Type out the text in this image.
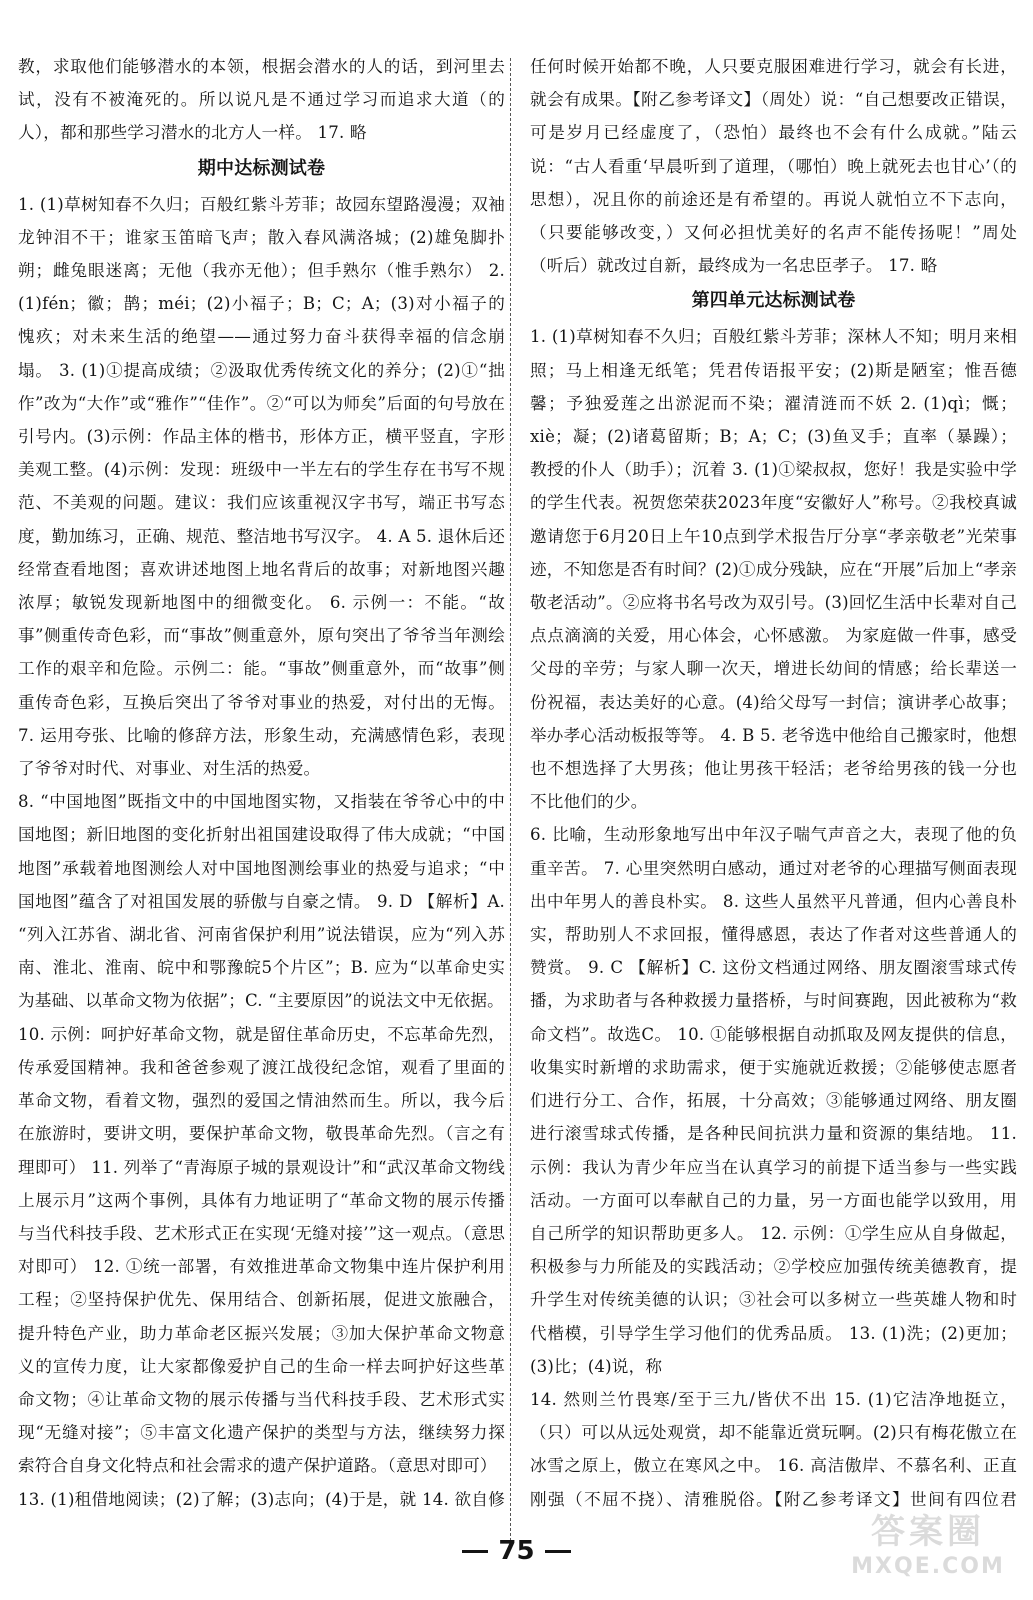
教，求取他们能够潜水的本领，根据会潜水的人的话，到河里去试，没有不被淹死的。所以说凡是不通过学习而追求大道（的人），都和那些学习潜水的北方人一样。 17. 略

期中达标测试卷

1. (1)草树知春不久归；百般红紫斗芳菲；故园东望路漫漫；双袖龙钟泪不干；谁家玉笛暗飞声；散入春风满洛城；(2)雄兔脚扑朔；雌兔眼迷离；无他（我亦无他）；但手熟尔（惟手熟尔） 2. (1)fén；徽；鹊；méi；(2)小福子；B；C；A；(3)对小福子的愧疚；对未来生活的绝望——通过努力奋斗获得幸福的信念崩塌。 3. (1)①提高成绩；②汲取优秀传统文化的养分；(2)①“拙作”改为“大作”或“雅作”“佳作”。②“可以为师矣”后面的句号放在引号内。(3)示例：作品主体的楷书，形体方正，横平竖直，字形美观工整。(4)示例：发现：班级中一半左右的学生存在书写不规范、不美观的问题。建议：我们应该重视汉字书写，端正书写态度，勤加练习，正确、规范、整洁地书写汉字。 4. A 5. 退休后还经常查看地图；喜欢讲述地图上地名背后的故事；对新地图兴趣浓厚；敏锐发现新地图中的细微变化。 6. 示例一：不能。“故事”侧重传奇色彩，而“事故”侧重意外，原句突出了爷爷当年测绘工作的艰辛和危险。示例二：能。“事故”侧重意外，而“故事”侧重传奇色彩，互换后突出了爷爷对事业的热爱，对付出的无悔。 7. 运用夸张、比喻的修辞方法，形象生动，充满感情色彩，表现了爷爷对时代、对事业、对生活的热爱。

8. “中国地图”既指文中的中国地图实物，又指装在爷爷心中的中国地图；新旧地图的变化折射出祖国建设取得了伟大成就；“中国地图”承载着地图测绘人对中国地图测绘事业的热爱与追求；“中国地图”蕴含了对祖国发展的骄傲与自豪之情。 9. D 【解析】A. “列入江苏省、湖北省、河南省保护利用”说法错误，应为“列入苏南、淮北、淮南、皖中和鄂豫皖5个片区”；B. 应为“以革命史实为基础、以革命文物为依据”；C. “主要原因”的说法文中无依据。

10. 示例：呵护好革命文物，就是留住革命历史，不忘革命先烈，传承爱国精神。我和爸爸参观了渡江战役纪念馆，观看了里面的革命文物，看着文物，强烈的爱国之情油然而生。所以，我今后在旅游时，要讲文明，要保护革命文物，敬畏革命先烈。（言之有理即可） 11. 列举了“青海原子城的景观设计”和“武汉革命文物线上展示月”这两个事例，具体有力地证明了“革命文物的展示传播与当代科技手段、艺术形式正在实现‘无缝对接’”这一观点。（意思对即可） 12. ①统一部署，有效推进革命文物集中连片保护利用工程；②坚持保护优先、保用结合、创新拓展，促进文旅融合，提升特色产业，助力革命老区振兴发展；③加大保护革命文物意义的宣传力度，让大家都像爱护自己的生命一样去呵护好这些革命文物；④让革命文物的展示传播与当代科技手段、艺术形式实现“无缝对接”；⑤丰富文化遗产保护的类型与方法，继续努力探索符合自身文化特点和社会需求的遗产保护道路。（意思对即可）

13. (1)租借地阅读；(2)了解；(3)志向；(4)于是，就 14. 欲自修

任何时候开始都不晚，人只要克服困难进行学习，就会有长进，就会有成果。【附乙参考译文】（周处）说：“自己想要改正错误，可是岁月已经虚度了，（恐怕）最终也不会有什么成就。”陆云说：“古人看重‘早晨听到了道理，（哪怕）晚上就死去也甘心’（的思想），况且你的前途还是有希望的。再说人就怕立不下志向，（只要能够改变，）又何必担忧美好的名声不能传扬呢！”周处（听后）就改过自新，最终成为一名忠臣孝子。 17. 略

第四单元达标测试卷

1. (1)草树知春不久归；百般红紫斗芳菲；深林人不知；明月来相照；马上相逢无纸笔；凭君传语报平安；(2)斯是陋室；惟吾德馨；予独爱莲之出淤泥而不染；濯清涟而不妖 2. (1)qì；慨；xiè；凝；(2)诸葛留斯；B；A；C；(3)鱼叉手；直率（暴躁）；教授的仆人（助手）；沉着 3. (1)①梁叔叔，您好！我是实验中学的学生代表。祝贺您荣获2023年度“安徽好人”称号。②我校真诚邀请您于6月20日上午10点到学术报告厅分享“孝亲敬老”光荣事迹，不知您是否有时间？(2)①成分残缺，应在“开展”后加上“孝亲敬老活动”。②应将书名号改为双引号。(3)回忆生活中长辈对自己点点滴滴的关爱，用心体会，心怀感激。 为家庭做一件事，感受父母的辛劳；与家人聊一次天，增进长幼间的情感；给长辈送一份祝福，表达美好的心意。(4)给父母写一封信；演讲孝心故事；举办孝心活动板报等等。 4. B 5. 老爷选中他给自己搬家时，他想也不想选择了大男孩；他让男孩干轻活；老爷给男孩的钱一分也不比他们的少。

6. 比喻，生动形象地写出中年汉子喘气声音之大，表现了他的负重辛苦。 7. 心里突然明白感动，通过对老爷的心理描写侧面表现出中年男人的善良朴实。 8. 这些人虽然平凡普通，但内心善良朴实，帮助别人不求回报，懂得感恩，表达了作者对这些普通人的赞赏。 9. C 【解析】C. 这份文档通过网络、朋友圈滚雪球式传播，为求助者与各种救援力量搭桥，与时间赛跑，因此被称为“救命文档”。故选C。 10. ①能够根据自动抓取及网友提供的信息，收集实时新增的求助需求，便于实施就近救援；②能够使志愿者们进行分工、合作，拓展，十分高效；③能够通过网络、朋友圈进行滚雪球式传播，是各种民间抗洪力量和资源的集结地。 11. 示例：我认为青少年应当在认真学习的前提下适当参与一些实践活动。一方面可以奉献自己的力量，另一方面也能学以致用，用自己所学的知识帮助更多人。 12. 示例：①学生应从自身做起，积极参与力所能及的实践活动；②学校应加强传统美德教育，提升学生对传统美德的认识；③社会可以多树立一些英雄人物和时代楷模，引导学生学习他们的优秀品质。 13. (1)洗；(2)更加；(3)比；(4)说，称

14. 然则兰竹畏寒/至于三九/皆伏不出 15. (1)它洁净地挺立，（只）可以从远处观赏，却不能靠近赏玩啊。(2)只有梅花傲立在冰雪之原上，傲立在寒风之中。 16. 高洁傲岸、不慕名利、正直刚强（不屈不挠）、清雅脱俗。【附乙参考译文】世间有四位君

75	答案圈
MXQE.COM
